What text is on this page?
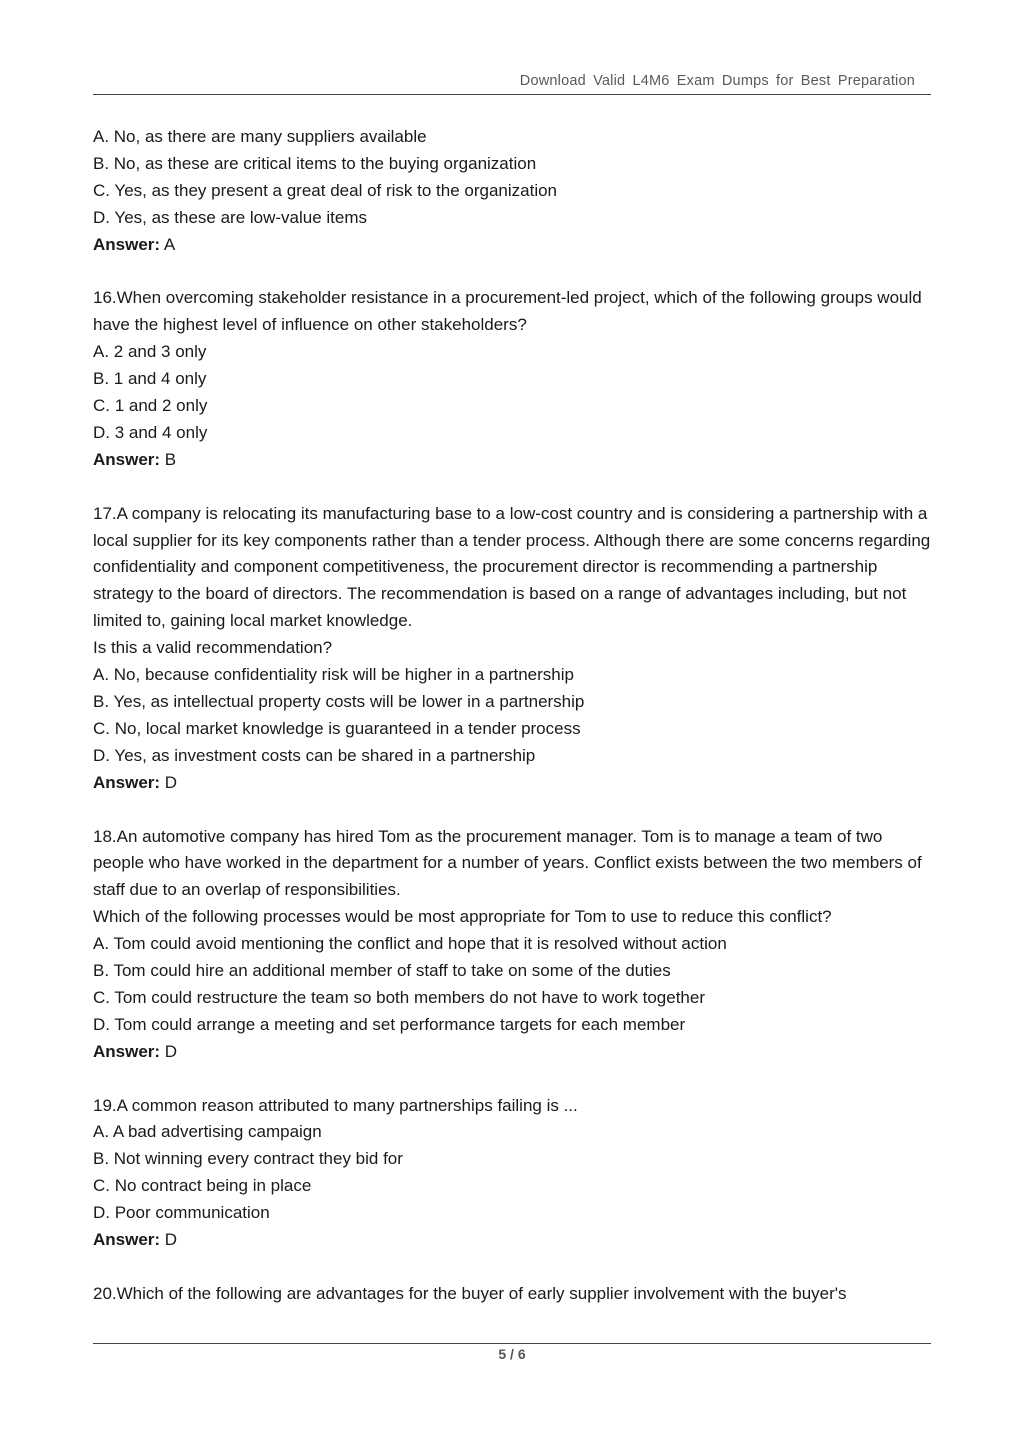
Download Valid L4M6 Exam Dumps for Best Preparation
A. No, as there are many suppliers available
B. No, as these are critical items to the buying organization
C. Yes, as they present a great deal of risk to the organization
D. Yes, as these are low-value items
Answer: A
16.When overcoming stakeholder resistance in a procurement-led project, which of the following groups would have the highest level of influence on other stakeholders?
A. 2 and 3 only
B. 1 and 4 only
C. 1 and 2 only
D. 3 and 4 only
Answer: B
17.A company is relocating its manufacturing base to a low-cost country and is considering a partnership with a local supplier for its key components rather than a tender process. Although there are some concerns regarding confidentiality and component competitiveness, the procurement director is recommending a partnership strategy to the board of directors. The recommendation is based on a range of advantages including, but not limited to, gaining local market knowledge.
Is this a valid recommendation?
A. No, because confidentiality risk will be higher in a partnership
B. Yes, as intellectual property costs will be lower in a partnership
C. No, local market knowledge is guaranteed in a tender process
D. Yes, as investment costs can be shared in a partnership
Answer: D
18.An automotive company has hired Tom as the procurement manager. Tom is to manage a team of two people who have worked in the department for a number of years. Conflict exists between the two members of staff due to an overlap of responsibilities.
Which of the following processes would be most appropriate for Tom to use to reduce this conflict?
A. Tom could avoid mentioning the conflict and hope that it is resolved without action
B. Tom could hire an additional member of staff to take on some of the duties
C. Tom could restructure the team so both members do not have to work together
D. Tom could arrange a meeting and set performance targets for each member
Answer: D
19.A common reason attributed to many partnerships failing is ...
A. A bad advertising campaign
B. Not winning every contract they bid for
C. No contract being in place
D. Poor communication
Answer: D
20.Which of the following are advantages for the buyer of early supplier involvement with the buyer's
5 / 6
